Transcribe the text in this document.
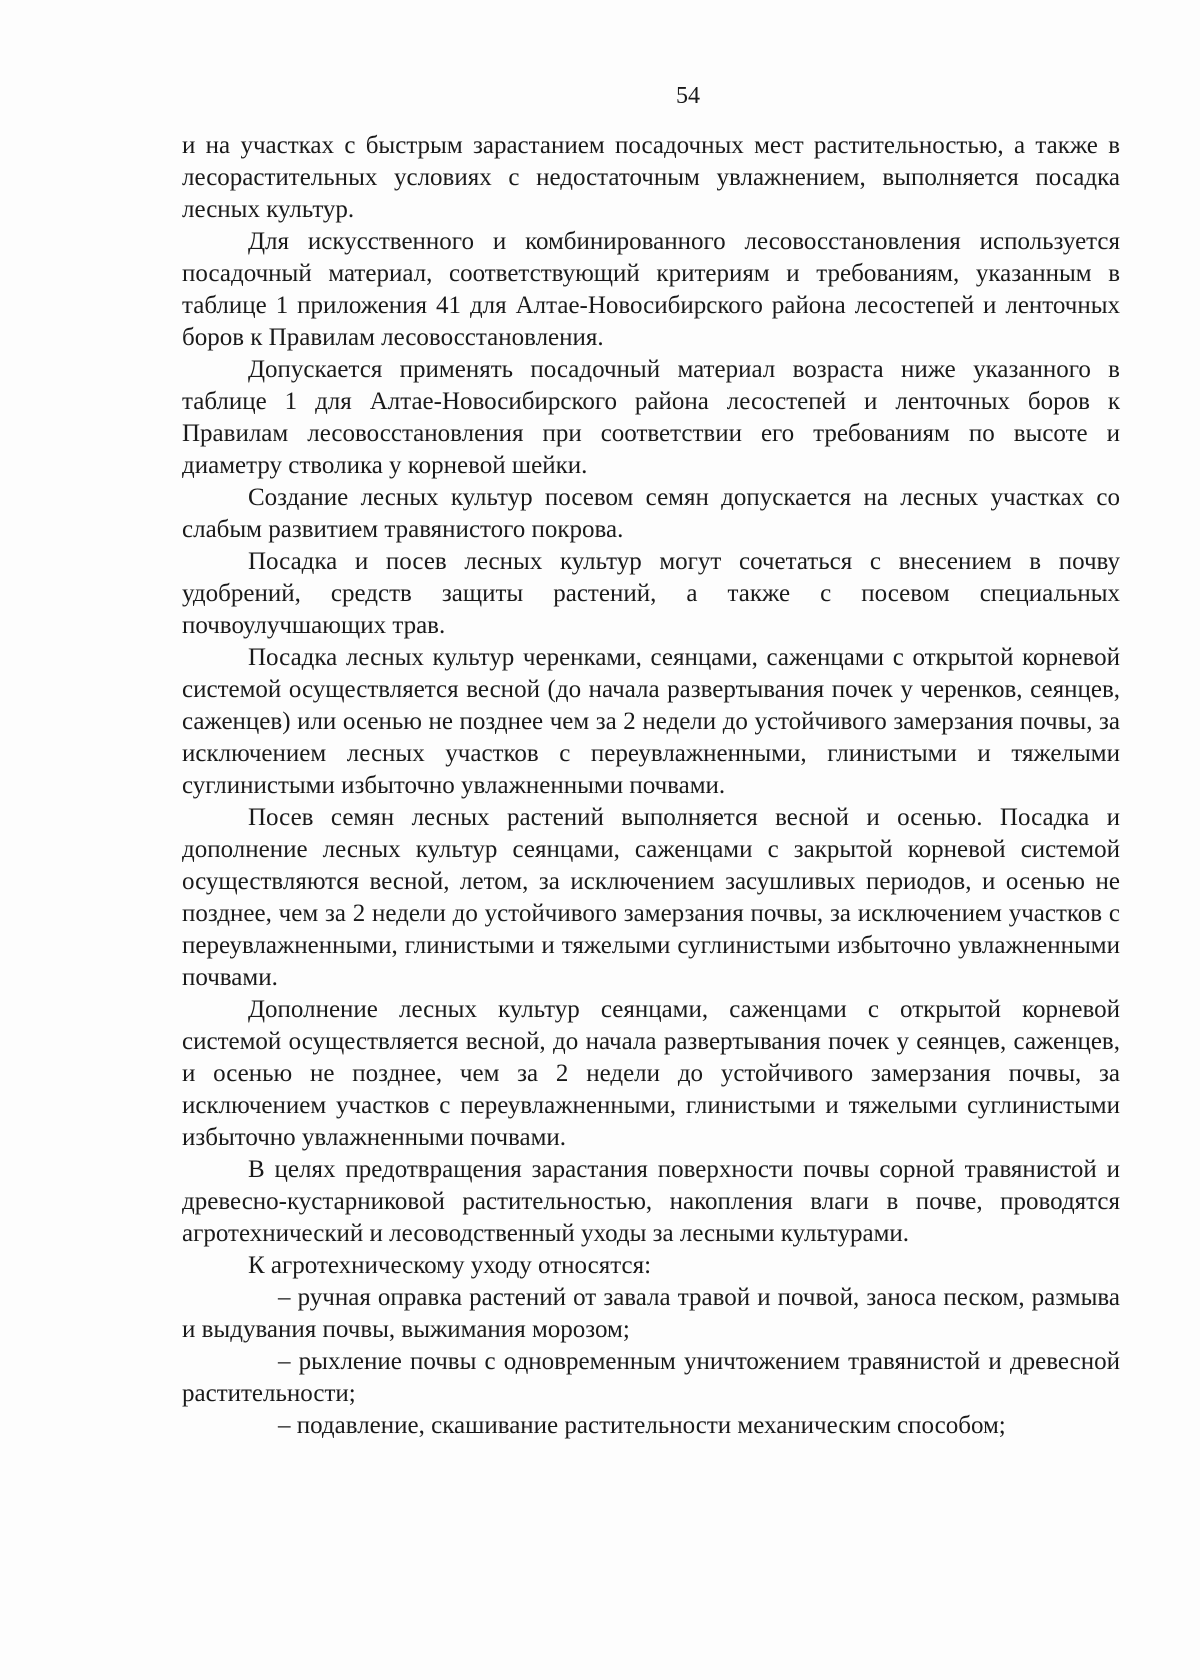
54

и на участках с быстрым зарастанием посадочных мест растительностью, а также в лесорастительных условиях с недостаточным увлажнением, выполняется посадка лесных культур.

Для искусственного и комбинированного лесовосстановления используется посадочный материал, соответствующий критериям и требованиям, указанным в таблице 1 приложения 41 для Алтае-Новосибирского района лесостепей и ленточных боров к Правилам лесовосстановления.

Допускается применять посадочный материал возраста ниже указанного в таблице 1 для Алтае-Новосибирского района лесостепей и ленточных боров к Правилам лесовосстановления при соответствии его требованиям по высоте и диаметру стволика у корневой шейки.

Создание лесных культур посевом семян допускается на лесных участках со слабым развитием травянистого покрова.

Посадка и посев лесных культур могут сочетаться с внесением в почву удобрений, средств защиты растений, а также с посевом специальных почвоулучшающих трав.

Посадка лесных культур черенками, сеянцами, саженцами с открытой корневой системой осуществляется весной (до начала развертывания почек у черенков, сеянцев, саженцев) или осенью не позднее чем за 2 недели до устойчивого замерзания почвы, за исключением лесных участков с переувлажненными, глинистыми и тяжелыми суглинистыми избыточно увлажненными почвами.

Посев семян лесных растений выполняется весной и осенью. Посадка и дополнение лесных культур сеянцами, саженцами с закрытой корневой системой осуществляются весной, летом, за исключением засушливых периодов, и осенью не позднее, чем за 2 недели до устойчивого замерзания почвы, за исключением участков с переувлажненными, глинистыми и тяжелыми суглинистыми избыточно увлажненными почвами.

Дополнение лесных культур сеянцами, саженцами с открытой корневой системой осуществляется весной, до начала развертывания почек у сеянцев, саженцев, и осенью не позднее, чем за 2 недели до устойчивого замерзания почвы, за исключением участков с переувлажненными, глинистыми и тяжелыми суглинистыми избыточно увлажненными почвами.

В целях предотвращения зарастания поверхности почвы сорной травянистой и древесно-кустарниковой растительностью, накопления влаги в почве, проводятся агротехнический и лесоводственный уходы за лесными культурами.

К агротехническому уходу относятся:

– ручная оправка растений от завала травой и почвой, заноса песком, размыва и выдувания почвы, выжимания морозом;

– рыхление почвы с одновременным уничтожением травянистой и древесной растительности;

– подавление, скашивание растительности механическим способом;
